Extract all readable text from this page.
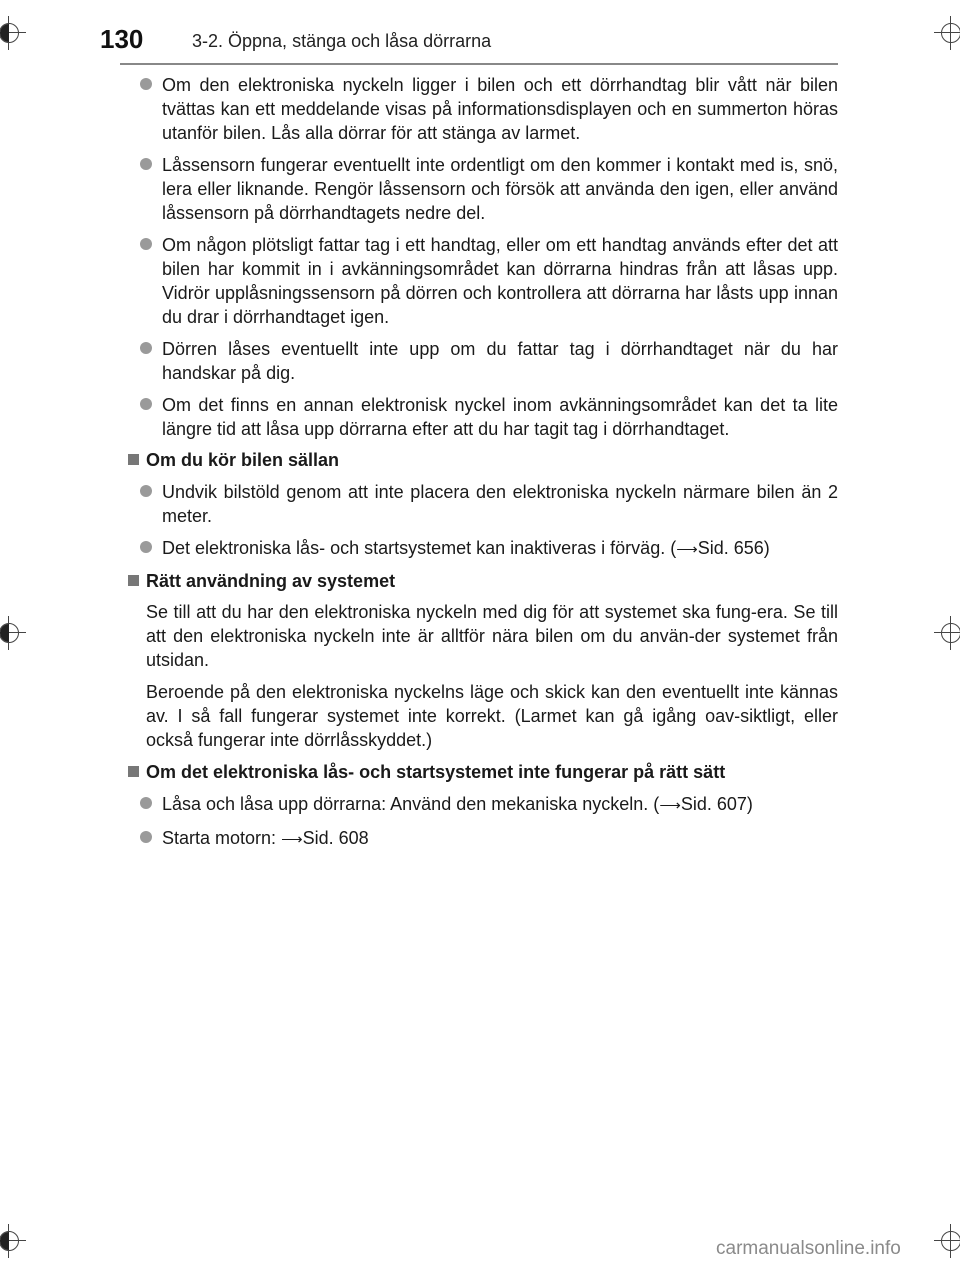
130	3-2. Öppna, stänga och låsa dörrarna
Om den elektroniska nyckeln ligger i bilen och ett dörrhandtag blir vått när bilen tvättas kan ett meddelande visas på informationsdisplayen och en summerton höras utanför bilen. Lås alla dörrar för att stänga av larmet.
Låssensorn fungerar eventuellt inte ordentligt om den kommer i kontakt med is, snö, lera eller liknande. Rengör låssensorn och försök att använda den igen, eller använd låssensorn på dörrhandtagets nedre del.
Om någon plötsligt fattar tag i ett handtag, eller om ett handtag används efter det att bilen har kommit in i avkänningsområdet kan dörrarna hindras från att låsas upp. Vidrör upplåsningssensorn på dörren och kontrollera att dörrarna har låsts upp innan du drar i dörrhandtaget igen.
Dörren låses eventuellt inte upp om du fattar tag i dörrhandtaget när du har handskar på dig.
Om det finns en annan elektronisk nyckel inom avkänningsområdet kan det ta lite längre tid att låsa upp dörrarna efter att du har tagit tag i dörrhandtaget.
Om du kör bilen sällan
Undvik bilstöld genom att inte placera den elektroniska nyckeln närmare bilen än 2 meter.
Det elektroniska lås- och startsystemet kan inaktiveras i förväg. (⟶Sid. 656)
Rätt användning av systemet
Se till att du har den elektroniska nyckeln med dig för att systemet ska fung-era. Se till att den elektroniska nyckeln inte är alltför nära bilen om du använ-der systemet från utsidan.
Beroende på den elektroniska nyckelns läge och skick kan den eventuellt inte kännas av. I så fall fungerar systemet inte korrekt. (Larmet kan gå igång oav-siktligt, eller också fungerar inte dörrlåsskyddet.)
Om det elektroniska lås- och startsystemet inte fungerar på rätt sätt
Låsa och låsa upp dörrarna: Använd den mekaniska nyckeln. (⟶Sid. 607)
Starta motorn: ⟶Sid. 608
carmanualsonline.info
